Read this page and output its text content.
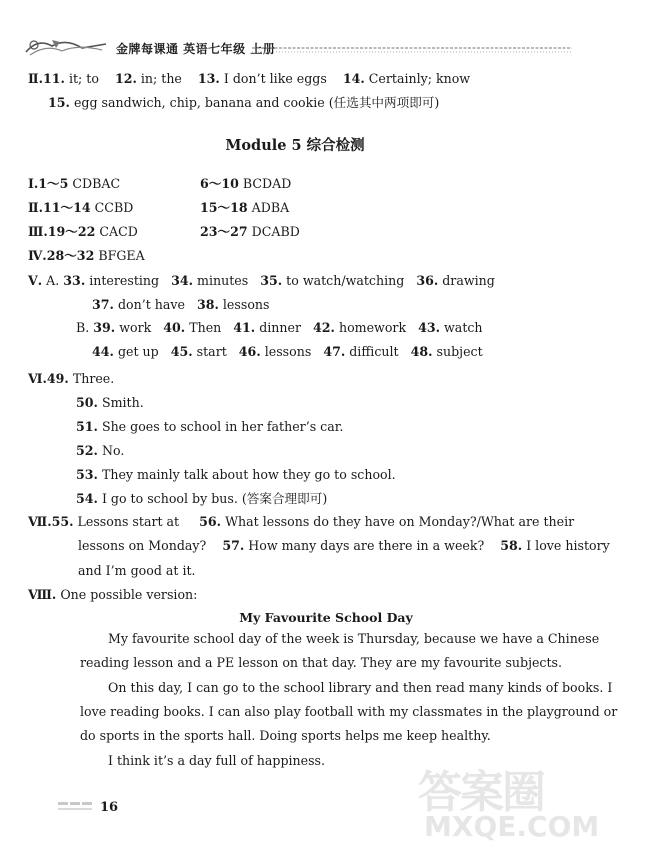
金牌每课通 英语七年级 上册
Ⅱ.11. it; to 12. in; the 13. I don’t like eggs 14. Certainly; know
15. egg sandwich, chip, banana and cookie (任选其中两项即可)
Module 5 综合检测
Ⅰ.1～5 CDBAC	6～10 BCDAD
Ⅱ.11～14 CCBD	15～18 ADBA
Ⅲ.19～22 CACD	23～27 DCABD
Ⅳ.28～32 BFGEA
Ⅴ. A. 33. interesting 34. minutes 35. to watch/watching 36. drawing
37. don’t have 38. lessons
B. 39. work 40. Then 41. dinner 42. homework 43. watch
44. get up 45. start 46. lessons 47. difficult 48. subject
Ⅵ.49. Three.
50. Smith.
51. She goes to school in her father’s car.
52. No.
53. They mainly talk about how they go to school.
54. I go to school by bus. (答案合理即可)
Ⅶ.55. Lessons start at 56. What lessons do they have on Monday?/What are their
lessons on Monday? 57. How many days are there in a week? 58. I love history
and I’m good at it.
Ⅷ. One possible version:
My Favourite School Day
My favourite school day of the week is Thursday, because we have a Chinese
reading lesson and a PE lesson on that day. They are my favourite subjects.
On this day, I can go to the school library and then read many kinds of books. I
love reading books. I can also play football with my classmates in the playground or
do sports in the sports hall. Doing sports helps me keep healthy.
I think it’s a day full of happiness.
16	答案圈
MXQE.COM
